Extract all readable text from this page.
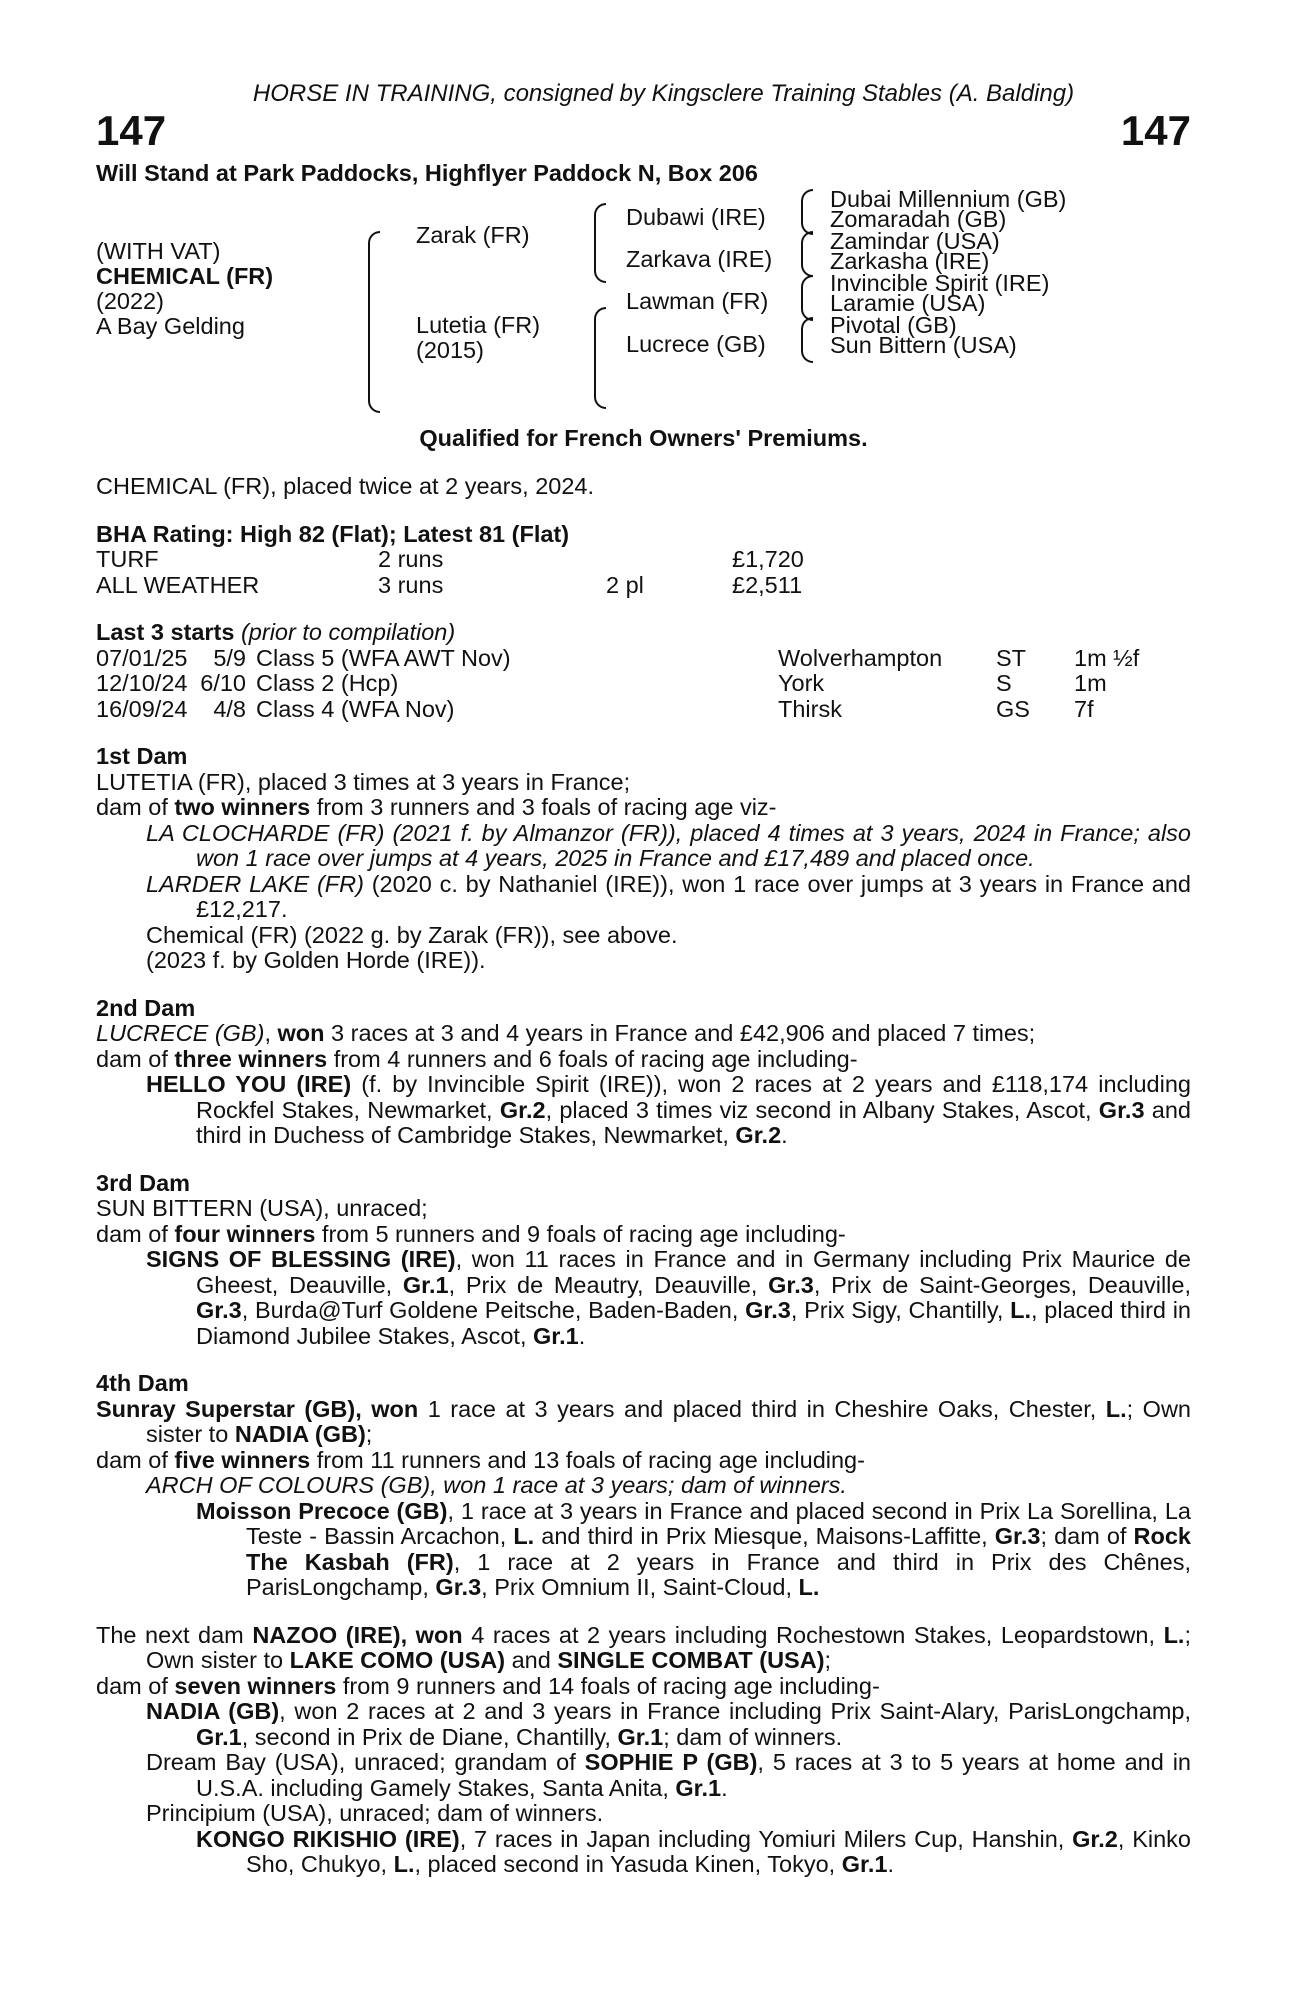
HORSE IN TRAINING, consigned by Kingsclere Training Stables (A. Balding)
147	147
Will Stand at Park Paddocks, Highflyer Paddock N, Box 206
(WITH VAT)
CHEMICAL (FR)
(2022)
A Bay Gelding
Zarak (FR)
Lutetia (FR)
(2015)
Dubawi (IRE)
Zarkava (IRE)
Lawman (FR)
Lucrece (GB)
Dubai Millennium (GB)
Zomaradah (GB)
Zamindar (USA)
Zarkasha (IRE)
Invincible Spirit (IRE)
Laramie (USA)
Pivotal (GB)
Sun Bittern (USA)
Qualified for French Owners' Premiums.
CHEMICAL (FR), placed twice at 2 years, 2024.
BHA Rating: High 82 (Flat); Latest 81 (Flat)
TURF	2 runs	£1,720
ALL WEATHER	3 runs	2 pl	£2,511
Last 3 starts (prior to compilation)
07/01/25	5/9 Class 5 (WFA AWT Nov)	Wolverhampton	ST	1m ½f
12/10/24 6/10 Class 2 (Hcp)	York	S	1m
16/09/24	4/8 Class 4 (WFA Nov)	Thirsk	GS	7f
1st Dam
LUTETIA (FR), placed 3 times at 3 years in France;
dam of two winners from 3 runners and 3 foals of racing age viz-
LA CLOCHARDE (FR) (2021 f. by Almanzor (FR)), placed 4 times at 3 years, 2024 in France; also won 1 race over jumps at 4 years, 2025 in France and £17,489 and placed once.
LARDER LAKE (FR) (2020 c. by Nathaniel (IRE)), won 1 race over jumps at 3 years in France and £12,217.
Chemical (FR) (2022 g. by Zarak (FR)), see above.
(2023 f. by Golden Horde (IRE)).
2nd Dam
LUCRECE (GB), won 3 races at 3 and 4 years in France and £42,906 and placed 7 times;
dam of three winners from 4 runners and 6 foals of racing age including-
HELLO YOU (IRE) (f. by Invincible Spirit (IRE)), won 2 races at 2 years and £118,174 including Rockfel Stakes, Newmarket, Gr.2, placed 3 times viz second in Albany Stakes, Ascot, Gr.3 and third in Duchess of Cambridge Stakes, Newmarket, Gr.2.
3rd Dam
SUN BITTERN (USA), unraced;
dam of four winners from 5 runners and 9 foals of racing age including-
SIGNS OF BLESSING (IRE), won 11 races in France and in Germany including Prix Maurice de Gheest, Deauville, Gr.1, Prix de Meautry, Deauville, Gr.3, Prix de Saint-Georges, Deauville, Gr.3, Burda@Turf Goldene Peitsche, Baden-Baden, Gr.3, Prix Sigy, Chantilly, L., placed third in Diamond Jubilee Stakes, Ascot, Gr.1.
4th Dam
Sunray Superstar (GB), won 1 race at 3 years and placed third in Cheshire Oaks, Chester, L.; Own sister to NADIA (GB);
dam of five winners from 11 runners and 13 foals of racing age including-
ARCH OF COLOURS (GB), won 1 race at 3 years; dam of winners.
Moisson Precoce (GB), 1 race at 3 years in France and placed second in Prix La Sorellina, La Teste - Bassin Arcachon, L. and third in Prix Miesque, Maisons-Laffitte, Gr.3; dam of Rock The Kasbah (FR), 1 race at 2 years in France and third in Prix des Chênes, ParisLongchamp, Gr.3, Prix Omnium II, Saint-Cloud, L.
The next dam NAZOO (IRE), won 4 races at 2 years including Rochestown Stakes, Leopardstown, L.; Own sister to LAKE COMO (USA) and SINGLE COMBAT (USA);
dam of seven winners from 9 runners and 14 foals of racing age including-
NADIA (GB), won 2 races at 2 and 3 years in France including Prix Saint-Alary, ParisLongchamp, Gr.1, second in Prix de Diane, Chantilly, Gr.1; dam of winners.
Dream Bay (USA), unraced; grandam of SOPHIE P (GB), 5 races at 3 to 5 years at home and in U.S.A. including Gamely Stakes, Santa Anita, Gr.1.
Principium (USA), unraced; dam of winners.
KONGO RIKISHIO (IRE), 7 races in Japan including Yomiuri Milers Cup, Hanshin, Gr.2, Kinko Sho, Chukyo, L., placed second in Yasuda Kinen, Tokyo, Gr.1.
